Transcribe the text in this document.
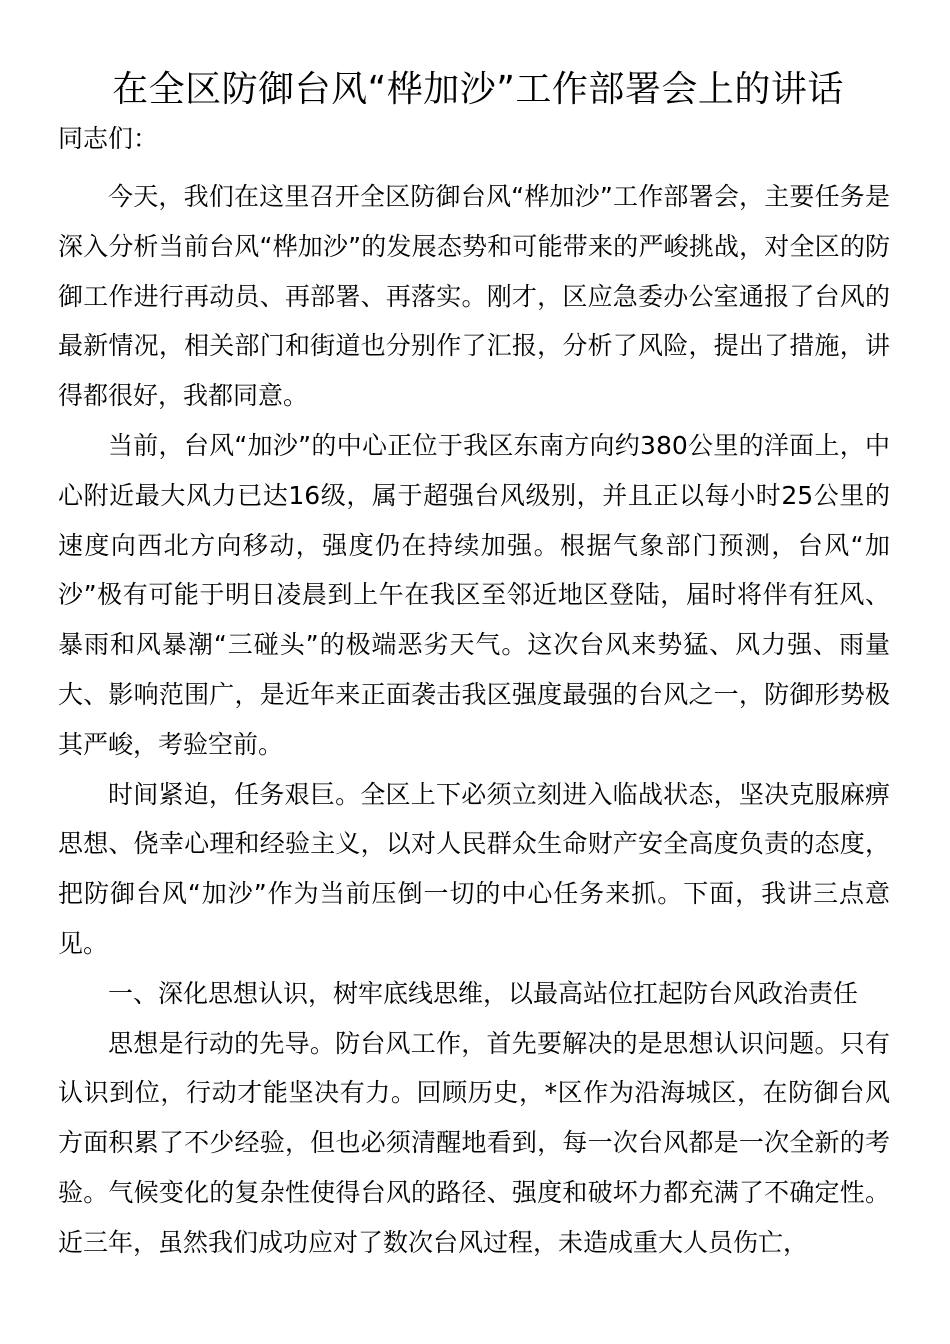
在全区防御台风“桦加沙”工作部署会上的讲话
同志们：

今天，我们在这里召开全区防御台风“桦加沙”工作部署会，主要任务是深入分析当前台风“桦加沙”的发展态势和可能带来的严峻挑战，对全区的防御工作进行再动员、再部署、再落实。刚才，区应急委办公室通报了台风的最新情况，相关部门和街道也分别作了汇报，分析了风险，提出了措施，讲得都很好，我都同意。

当前，台风“加沙”的中心正位于我区东南方向约380公里的洋面上，中心附近最大风力已达16级，属于超强台风级别，并且正以每小时25公里的速度向西北方向移动，强度仍在持续加强。根据气象部门预测，台风“加沙”极有可能于明日凌晨到上午在我区至邻近地区登陆，届时将伴有狂风、暴雨和风暴潮“三碰头”的极端恶劣天气。这次台风来势猛、风力强、雨量大、影响范围广，是近年来正面袭击我区强度最强的台风之一，防御形势极其严峻，考验空前。

时间紧迫，任务艰巨。全区上下必须立刻进入临战状态，坚决克服麻痹思想、侥幸心理和经验主义，以对人民群众生命财产安全高度负责的态度，把防御台风“加沙”作为当前压倒一切的中心任务来抓。下面，我讲三点意见。

一、深化思想认识，树牢底线思维，以最高站位扛起防台风政治责任

思想是行动的先导。防台风工作，首先要解决的是思想认识问题。只有认识到位，行动才能坚决有力。回顾历史，*区作为沿海城区，在防御台风方面积累了不少经验，但也必须清醒地看到，每一次台风都是一次全新的考验。气候变化的复杂性使得台风的路径、强度和破坏力都充满了不确定性。近三年，虽然我们成功应对了数次台风过程，未造成重大人员伤亡，
